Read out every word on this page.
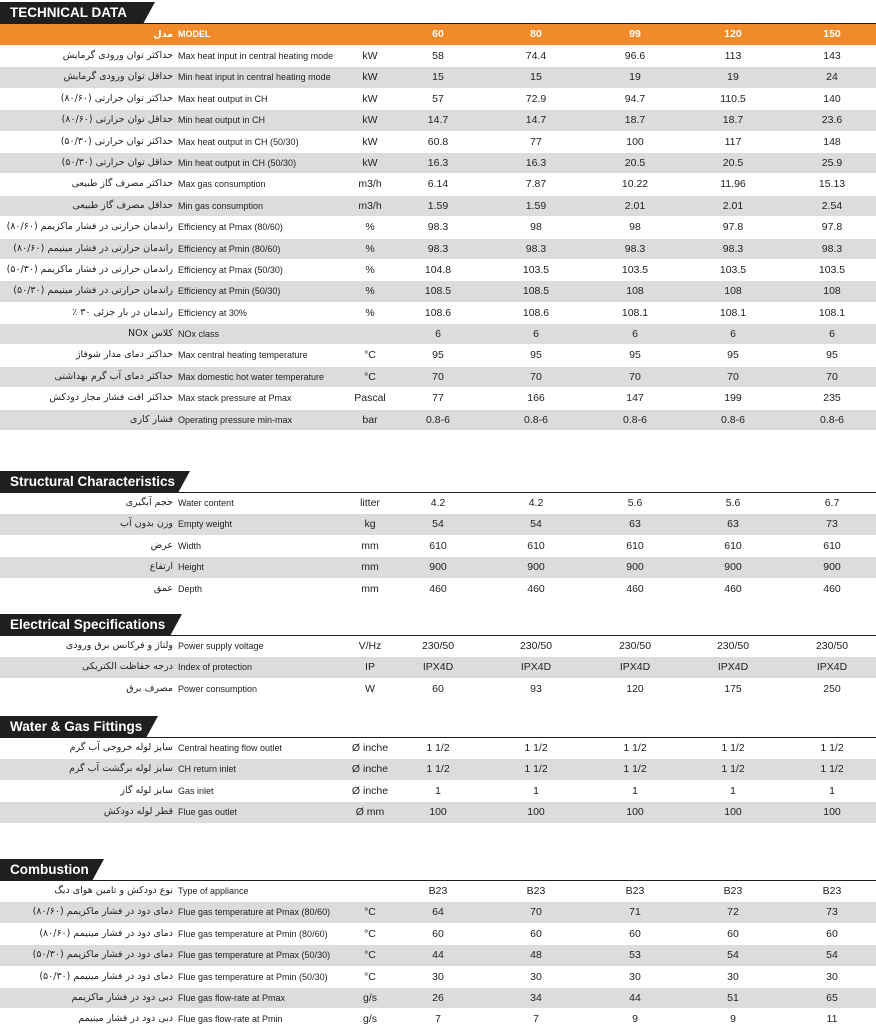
TECHNICAL DATA
مدل MODEL	60	80	99	120	150
حداکثر توان ورودی گرمایش Max heat input in central heating mode	kW	58	74.4	96.6	113	143
حداقل توان ورودی گرمایش Min heat input in central heating mode	kW	15	15	19	19	24
حداکثر توان حرارتی (۸۰/۶۰) Max heat output in CH	kW	57	72.9	94.7	110.5	140
حداقل توان حرارتی (۸۰/۶۰) Min heat output in CH	kW	14.7	14.7	18.7	18.7	23.6
حداکثر توان حرارتی (۵۰/۳۰) Max heat output in CH (50/30)	kW	60.8	77	100	117	148
حداقل توان حرارتی (۵۰/۳۰) Min heat output in CH (50/30)	kW	16.3	16.3	20.5	20.5	25.9
حداکثر مصرف گاز طبیعی Max gas consumption	m3/h	6.14	7.87	10.22	11.96	15.13
حداقل مصرف گاز طبیعی Min gas consumption	m3/h	1.59	1.59	2.01	2.01	2.54
راندمان حرارتی در فشار ماکزیمم (۸۰/۶۰) Efficiency at Pmax (80/60)	%	98.3	98	98	97.8	97.8
راندمان حرارتی در فشار مینیمم (۸۰/۶۰) Efficiency at Pmin (80/60)	%	98.3	98.3	98.3	98.3	98.3
راندمان حرارتی در فشار ماکزیمم (۵۰/۳۰) Efficiency at Pmax (50/30)	%	104.8	103.5	103.5	103.5	103.5
راندمان حرارتی در فشار مینیمم (۵۰/۳۰) Efficiency at Pmin (50/30)	%	108.5	108.5	108	108	108
راندمان در بار جزئی ۳۰ ٪ Efficiency at 30%	%	108.6	108.6	108.1	108.1	108.1
کلاس NOx NOx class	6	6	6	6	6
حداکثر دمای مدار شوفاژ Max central heating temperature	°C	95	95	95	95	95
حداکثر دمای آب گرم بهداشتی Max domestic hot water temperature	°C	70	70	70	70	70
حداکثر افت فشار مجاز دودکش Max stack pressure at Pmax	Pascal	77	166	147	199	235
فشار کاری Operating pressure min-max	bar	0.8-6	0.8-6	0.8-6	0.8-6	0.8-6
Structural Characteristics
حجم آبگیری Water content	litter	4.2	4.2	5.6	5.6	6.7
وزن بدون آب Empty weight	kg	54	54	63	63	73
عرض Width	mm	610	610	610	610	610
ارتفاع Height	mm	900	900	900	900	900
عمق Depth	mm	460	460	460	460	460
Electrical Specifications
ولتاژ و فرکانس برق ورودی Power supply voltage	V/Hz	230/50	230/50	230/50	230/50	230/50
درجه حفاظت الکتریکی Index of protection	IP	IPX4D	IPX4D	IPX4D	IPX4D	IPX4D
مصرف برق Power consumption	W	60	93	120	175	250
Water & Gas Fittings
سایز لوله خروجی آب گرم Central heating flow outlet	Ø inche	1 1/2	1 1/2	1 1/2	1 1/2	1 1/2
سایز لوله برگشت آب گرم CH return inlet	Ø inche	1 1/2	1 1/2	1 1/2	1 1/2	1 1/2
سایز لوله گاز Gas inlet	Ø inche	1	1	1	1	1
قطر لوله دودکش Flue gas outlet	Ø mm	100	100	100	100	100
Combustion
نوع دودکش و تامین هوای دیگ Type of appliance	B23	B23	B23	B23	B23
دمای دود در فشار ماکزیمم (۸۰/۶۰) Flue gas temperature at Pmax (80/60)	°C	64	70	71	72	73
دمای دود در فشار مینیمم (۸۰/۶۰) Flue gas temperature at Pmin (80/60)	°C	60	60	60	60	60
دمای دود در فشار ماکزیمم (۵۰/۳۰) Flue gas temperature at Pmax (50/30)	°C	44	48	53	54	54
دمای دود در فشار مینیمم (۵۰/۳۰) Flue gas temperature at Pmin (50/30)	°C	30	30	30	30	30
دبی دود در فشار ماکزیمم Flue gas flow-rate at Pmax	g/s	26	34	44	51	65
دبی دود در فشار مینیمم Flue gas flow-rate at Pmin	g/s	7	7	9	9	11
